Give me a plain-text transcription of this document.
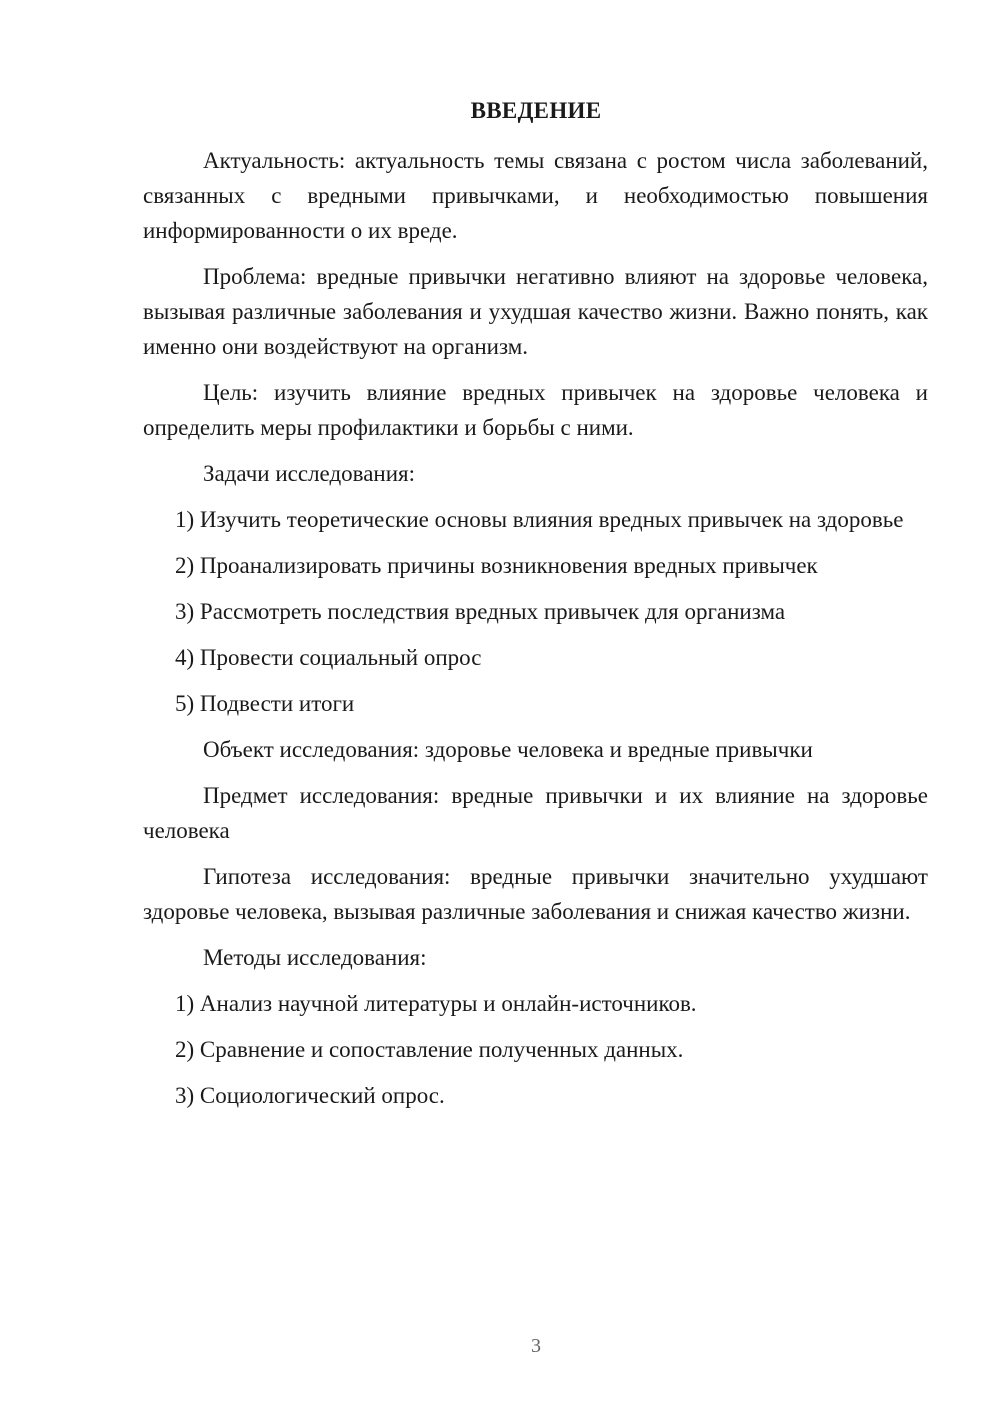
ВВЕДЕНИЕ

Актуальность: актуальность темы связана с ростом числа заболеваний, связанных с вредными привычками, и необходимостью повышения информированности о их вреде.

Проблема: вредные привычки негативно влияют на здоровье человека, вызывая различные заболевания и ухудшая качество жизни. Важно понять, как именно они воздействуют на организм.

Цель: изучить влияние вредных привычек на здоровье человека и определить меры профилактики и борьбы с ними.

Задачи исследования:

1) Изучить теоретические основы влияния вредных привычек на здоровье

2) Проанализировать причины возникновения вредных привычек

3) Рассмотреть последствия вредных привычек для организма

4) Провести социальный опрос

5) Подвести итоги

Объект исследования: здоровье человека и вредные привычки

Предмет исследования: вредные привычки и их влияние на здоровье человека

Гипотеза исследования: вредные привычки значительно ухудшают здоровье человека, вызывая различные заболевания и снижая качество жизни.

Методы исследования:

1) Анализ научной литературы и онлайн-источников.

2) Сравнение и сопоставление полученных данных.

3) Социологический опрос.

3
